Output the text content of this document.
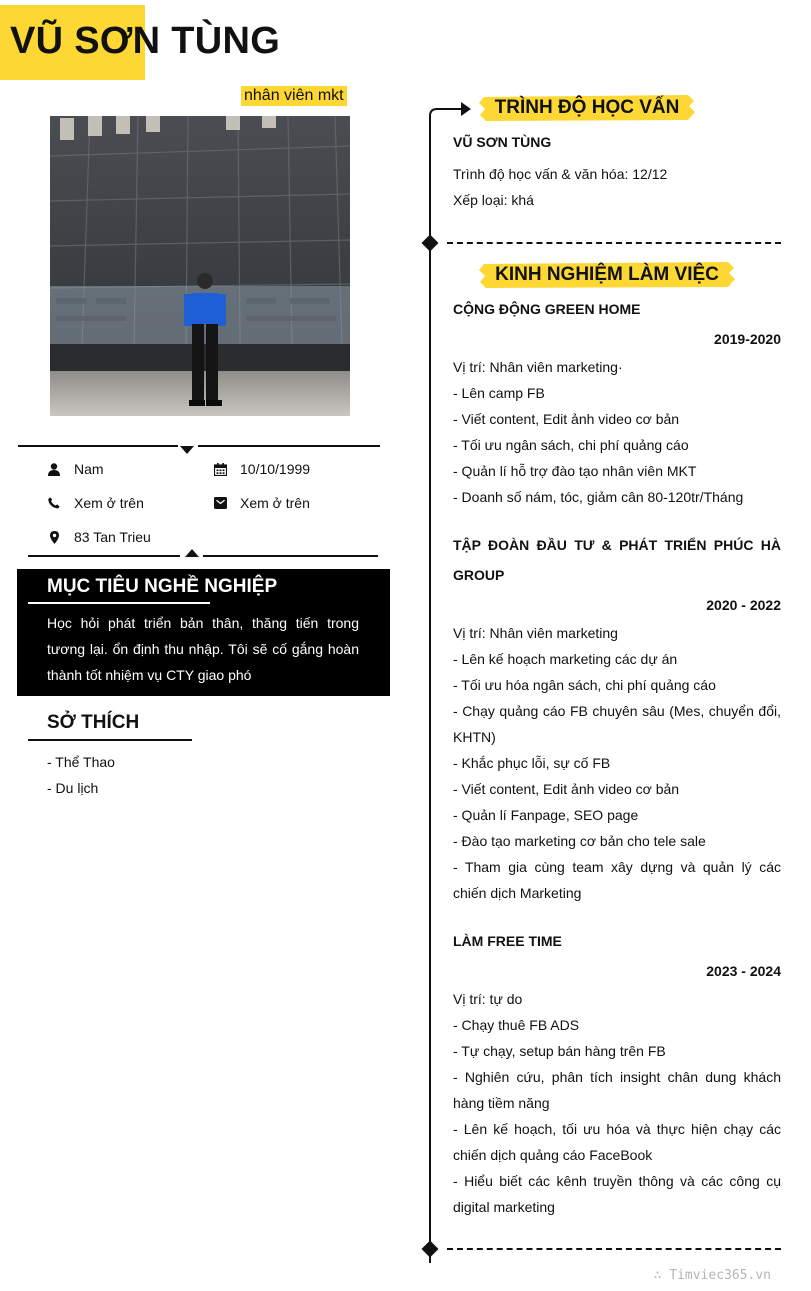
VŨ SƠN TÙNG
nhân viên mkt
Nam	10/10/1999
Xem ở trên	Xem ở trên
83 Tan Trieu
MỤC TIÊU NGHỀ NGHIỆP

Học hỏi phát triển bản thân, thăng tiến trong tương lại. ổn định thu nhập. Tôi sẽ cố gắng hoàn thành tốt nhiệm vụ CTY giao phó

SỞ THÍCH
- Thể Thao
- Du lịch
TRÌNH ĐỘ HỌC VẤN
VŨ SƠN TÙNG
Trình độ học vấn & văn hóa: 12/12
Xếp loại: khá
KINH NGHIỆM LÀM VIỆC
CỘNG ĐỘNG GREEN HOME
2019-2020
Vị trí: Nhân viên marketing·
- Lên camp FB
- Viết content, Edit ảnh video cơ bản
- Tối ưu ngân sách, chi phí quảng cáo
- Quản lí hỗ trợ đào tạo nhân viên MKT
- Doanh số nám, tóc, giảm cân 80-120tr/Tháng
TẬP ĐOÀN ĐẦU TƯ & PHÁT TRIỂN PHÚC HÀ GROUP
2020 - 2022
Vị trí: Nhân viên marketing
- Lên kế hoạch marketing các dự án
- Tối ưu hóa ngân sách, chi phí quảng cáo
- Chạy quảng cáo FB chuyên sâu (Mes, chuyển đổi, KHTN)
- Khắc phục lỗi, sự cố FB
- Viết content, Edit ảnh video cơ bản
- Quản lí Fanpage, SEO page
- Đào tạo marketing cơ bản cho tele sale
- Tham gia cùng team xây dựng và quản lý các chiến dịch Marketing
LÀM FREE TIME
2023 - 2024
Vị trí: tự do
- Chạy thuê FB ADS
- Tự chạy, setup bán hàng trên FB
- Nghiên cứu, phân tích insight chân dung khách hàng tiềm năng
- Lên kế hoạch, tối ưu hóa và thực hiện chạy các chiến dịch quảng cáo FaceBook
- Hiểu biết các kênh truyền thông và các công cụ digital marketing
∴ Timviec365.vn
